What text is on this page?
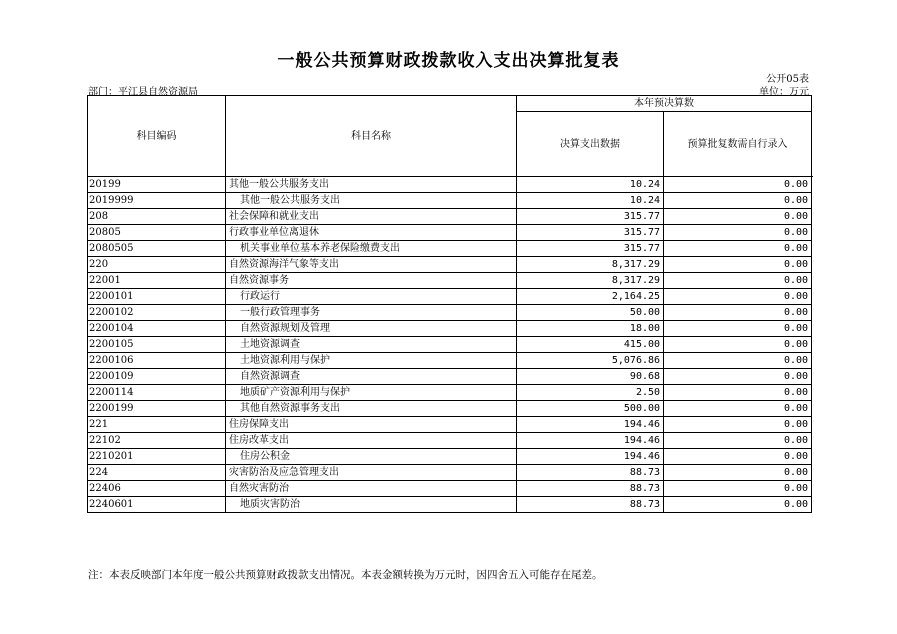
一般公共预算财政拨款收入支出决算批复表
公开05表
部门：平江县自然资源局	单位：万元
科目编码	科目名称	本年预决算数		
		决算支出数据	预算批复数需自行录入	

20199	其他一般公共服务支出	10.24	0.00	
2019999	其他一般公共服务支出	10.24	0.00	
208	社会保障和就业支出	315.77	0.00	
20805	行政事业单位离退休	315.77	0.00	
2080505	机关事业单位基本养老保险缴费支出	315.77	0.00	
220	自然资源海洋气象等支出	8,317.29	0.00	
22001	自然资源事务	8,317.29	0.00	
2200101	行政运行	2,164.25	0.00	
2200102	一般行政管理事务	50.00	0.00	
2200104	自然资源规划及管理	18.00	0.00	
2200105	土地资源调查	415.00	0.00	
2200106	土地资源利用与保护	5,076.86	0.00	
2200109	自然资源调查	90.68	0.00	
2200114	地质矿产资源利用与保护	2.50	0.00	
2200199	其他自然资源事务支出	500.00	0.00	
221	住房保障支出	194.46	0.00	
22102	住房改革支出	194.46	0.00	
2210201	住房公积金	194.46	0.00	
224	灾害防治及应急管理支出	88.73	0.00	
22406	自然灾害防治	88.73	0.00	
2240601	地质灾害防治	88.73	0.00	
注：本表反映部门本年度一般公共预算财政拨款支出情况。本表金额转换为万元时，因四舍五入可能存在尾差。
